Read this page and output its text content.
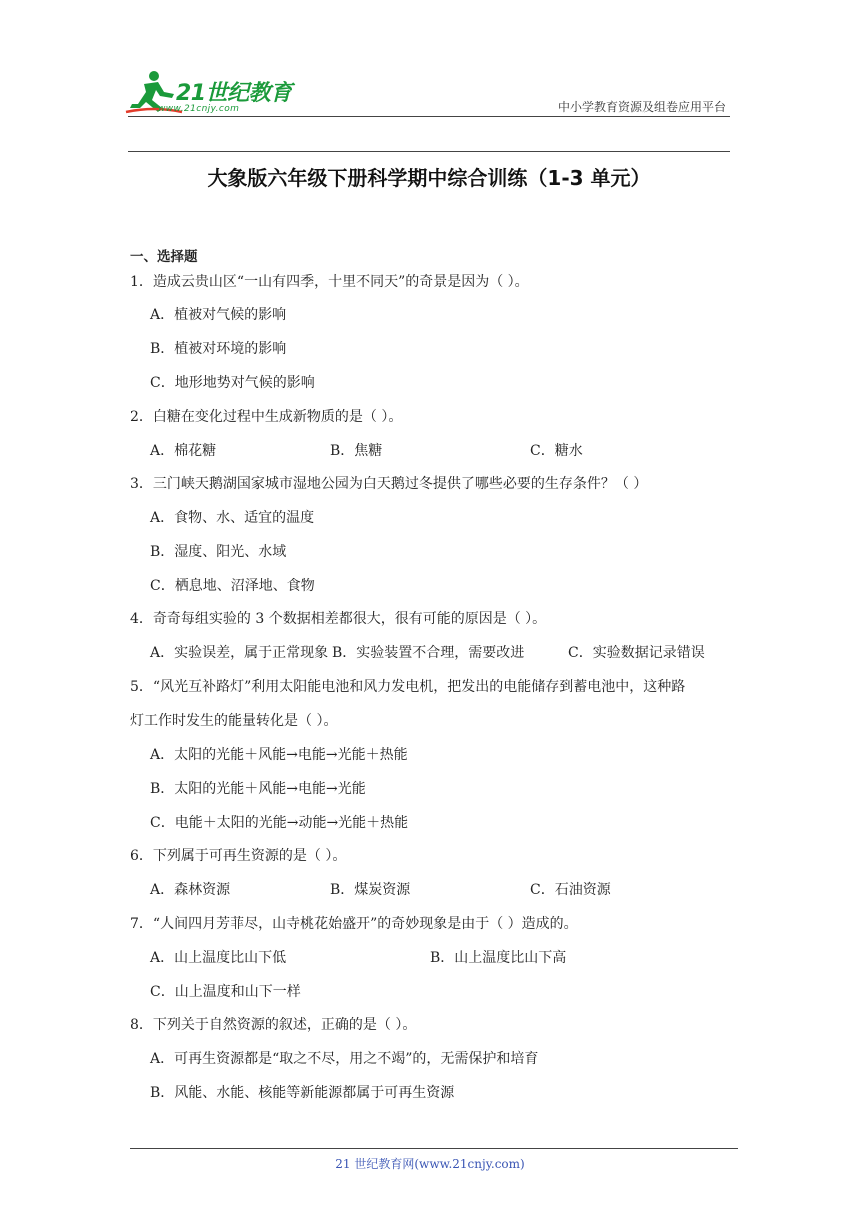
21世纪教育
www.21cnjy.com	中小学教育资源及组卷应用平台
大象版六年级下册科学期中综合训练（1-3 单元）
一、选择题
1．造成云贵山区“一山有四季，十里不同天”的奇景是因为（ ）。
A．植被对气候的影响
B．植被对环境的影响
C．地形地势对气候的影响
2．白糖在变化过程中生成新物质的是（ ）。
A．棉花糖	B．焦糖	C．糖水
3．三门峡天鹅湖国家城市湿地公园为白天鹅过冬提供了哪些必要的生存条件？（ ）
A．食物、水、适宜的温度
B．湿度、阳光、水域
C．栖息地、沼泽地、食物
4．奇奇每组实验的 3 个数据相差都很大，很有可能的原因是（ ）。
A．实验误差，属于正常现象 B．实验装置不合理，需要改进	C．实验数据记录错误
5．“风光互补路灯”利用太阳能电池和风力发电机，把发出的电能储存到蓄电池中，这种路
灯工作时发生的能量转化是（ ）。
A．太阳的光能＋风能→电能→光能＋热能
B．太阳的光能＋风能→电能→光能
C．电能＋太阳的光能→动能→光能＋热能
6．下列属于可再生资源的是（ ）。
A．森林资源	B．煤炭资源	C．石油资源
7．“人间四月芳菲尽，山寺桃花始盛开”的奇妙现象是由于（ ）造成的。
A．山上温度比山下低	B．山上温度比山下高
C．山上温度和山下一样
8．下列关于自然资源的叙述，正确的是（ ）。
A．可再生资源都是“取之不尽，用之不竭”的，无需保护和培育
B．风能、水能、核能等新能源都属于可再生资源
21 世纪教育网(www.21cnjy.com)
